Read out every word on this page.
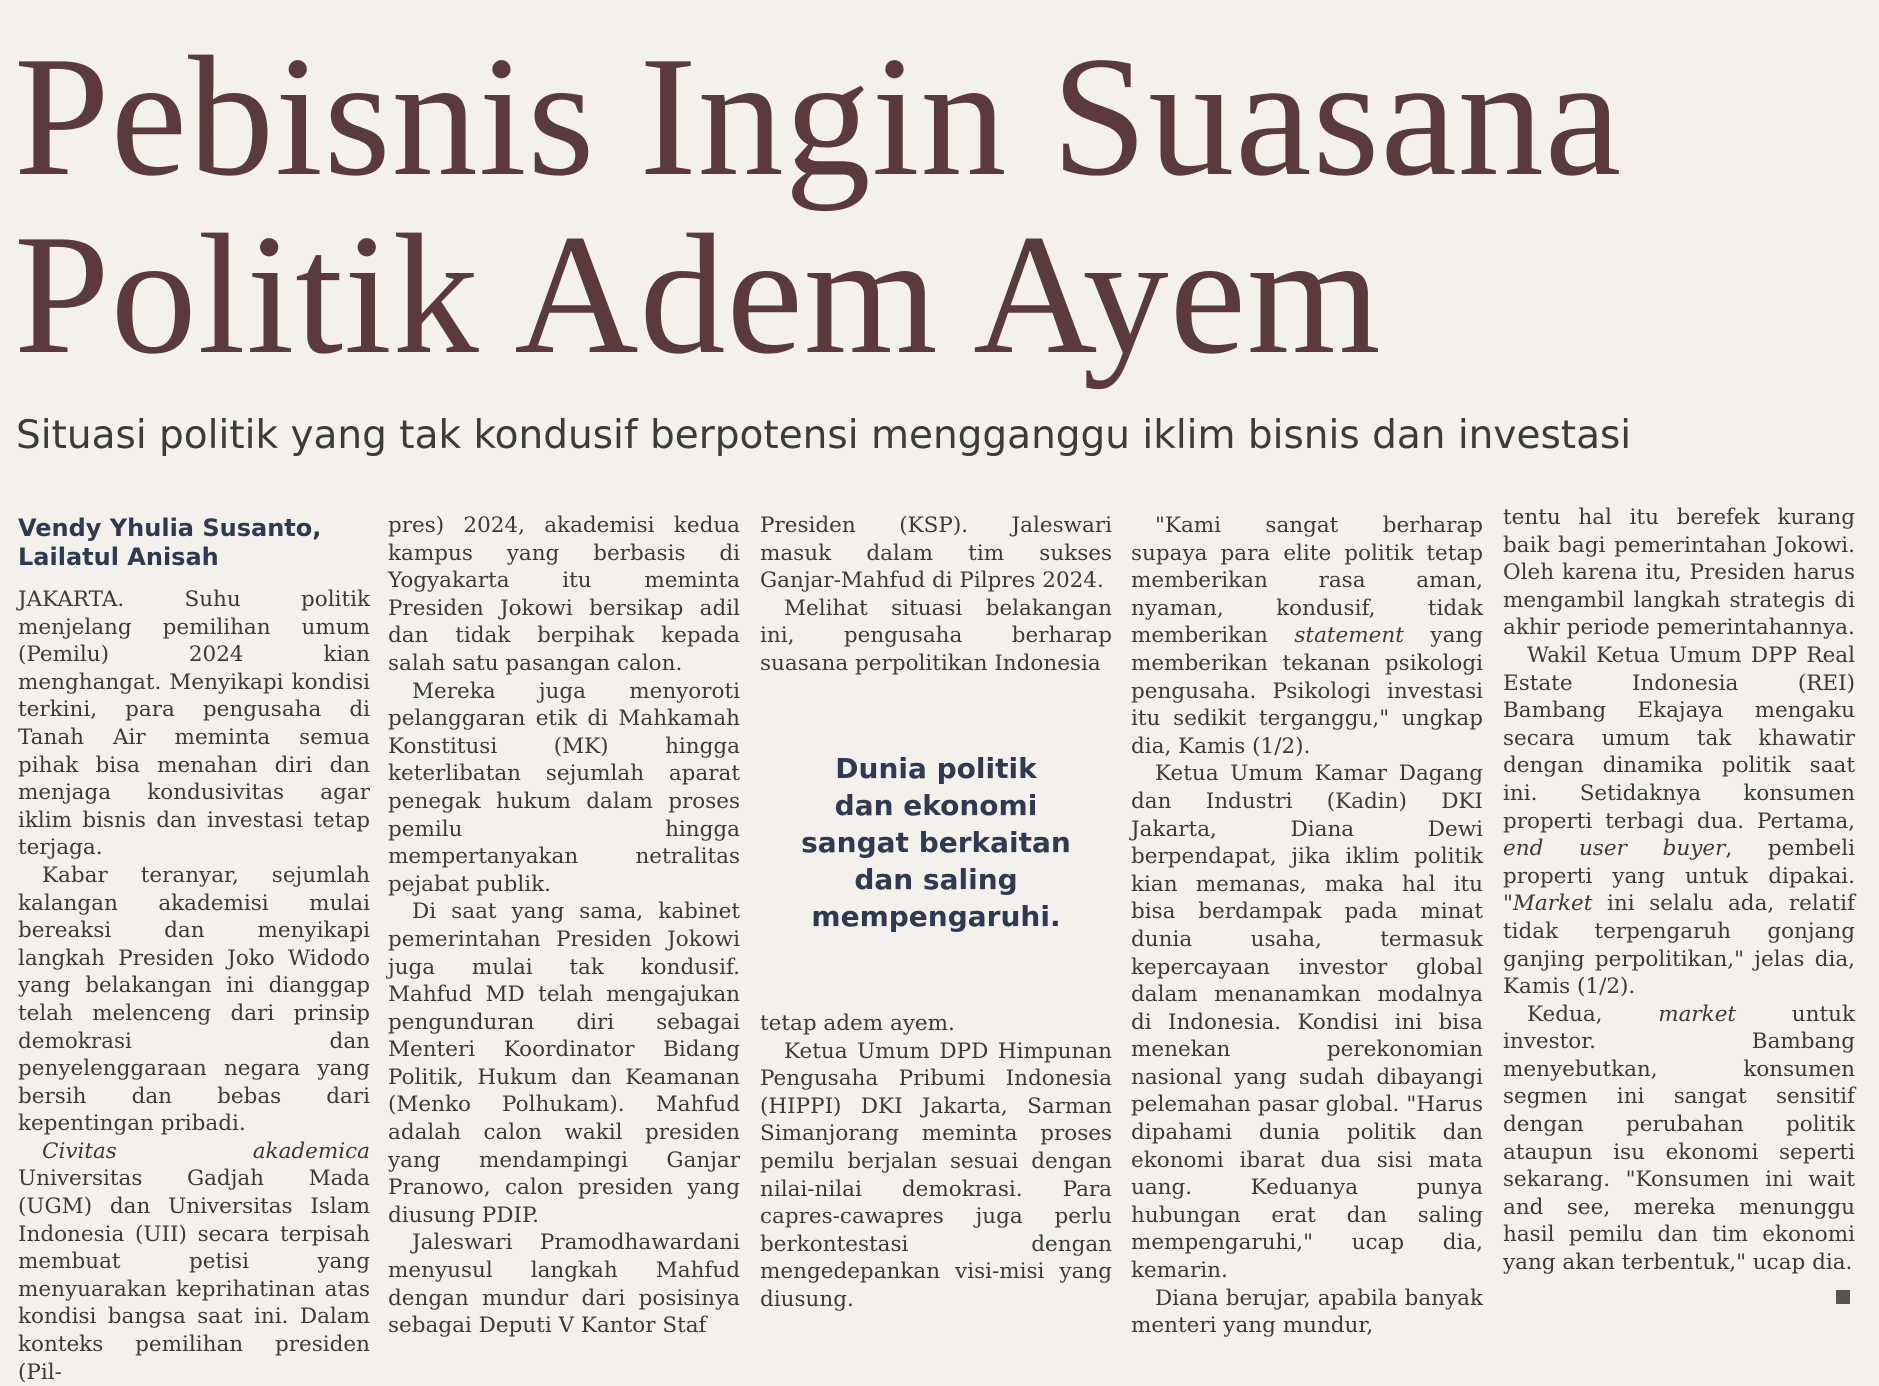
Pebisnis Ingin Suasana
Politik Adem Ayem

Situasi politik yang tak kondusif berpotensi mengganggu iklim bisnis dan investasi

Vendy Yhulia Susanto,
Lailatul Anisah

JAKARTA. Suhu politik menjelang pemilihan umum (Pemilu) 2024 kian menghangat. Menyikapi kondisi terkini, para pengusaha di Tanah Air meminta semua pihak bisa menahan diri dan menjaga kondusivitas agar iklim bisnis dan investasi tetap terjaga.

Kabar teranyar, sejumlah kalangan akademisi mulai bereaksi dan menyikapi langkah Presiden Joko Widodo yang belakangan ini dianggap telah melenceng dari prinsip demokrasi dan penyelenggaraan negara yang bersih dan bebas dari kepentingan pribadi.

Civitas akademica Universitas Gadjah Mada (UGM) dan Universitas Islam Indonesia (UII) secara terpisah membuat petisi yang menyuarakan keprihatinan atas kondisi bangsa saat ini. Dalam konteks pemilihan presiden (Pil-

pres) 2024, akademisi kedua kampus yang berbasis di Yogyakarta itu meminta Presiden Jokowi bersikap adil dan tidak berpihak kepada salah satu pasangan calon.

Mereka juga menyoroti pelanggaran etik di Mahkamah Konstitusi (MK) hingga keterlibatan sejumlah aparat penegak hukum dalam proses pemilu hingga mempertanyakan netralitas pejabat publik.

Di saat yang sama, kabinet pemerintahan Presiden Jokowi juga mulai tak kondusif. Mahfud MD telah mengajukan pengunduran diri sebagai Menteri Koordinator Bidang Politik, Hukum dan Keamanan (Menko Polhukam). Mahfud adalah calon wakil presiden yang mendampingi Ganjar Pranowo, calon presiden yang diusung PDIP.

Jaleswari Pramodhawardani menyusul langkah Mahfud dengan mundur dari posisinya sebagai Deputi V Kantor Staf

Presiden (KSP). Jaleswari masuk dalam tim sukses Ganjar-Mahfud di Pilpres 2024.

Melihat situasi belakangan ini, pengusaha berharap suasana perpolitikan Indonesia

Dunia politik
dan ekonomi
sangat berkaitan
dan saling
mempengaruhi.

tetap adem ayem.

Ketua Umum DPD Himpunan Pengusaha Pribumi Indonesia (HIPPI) DKI Jakarta, Sarman Simanjorang meminta proses pemilu berjalan sesuai dengan nilai-nilai demokrasi. Para capres-cawapres juga perlu berkontestasi dengan mengedepankan visi-misi yang diusung.

"Kami sangat berharap supaya para elite politik tetap memberikan rasa aman, nyaman, kondusif, tidak memberikan statement yang memberikan tekanan psikologi pengusaha. Psikologi investasi itu sedikit terganggu," ungkap dia, Kamis (1/2).

Ketua Umum Kamar Dagang dan Industri (Kadin) DKI Jakarta, Diana Dewi berpendapat, jika iklim politik kian memanas, maka hal itu bisa berdampak pada minat dunia usaha, termasuk kepercayaan investor global dalam menanamkan modalnya di Indonesia. Kondisi ini bisa menekan perekonomian nasional yang sudah dibayangi pelemahan pasar global. "Harus dipahami dunia politik dan ekonomi ibarat dua sisi mata uang. Keduanya punya hubungan erat dan saling mempengaruhi," ucap dia, kemarin.

Diana berujar, apabila banyak menteri yang mundur,

tentu hal itu berefek kurang baik bagi pemerintahan Jokowi. Oleh karena itu, Presiden harus mengambil langkah strategis di akhir periode pemerintahannya.

Wakil Ketua Umum DPP Real Estate Indonesia (REI) Bambang Ekajaya mengaku secara umum tak khawatir dengan dinamika politik saat ini. Setidaknya konsumen properti terbagi dua. Pertama, end user buyer, pembeli properti yang untuk dipakai. "Market ini selalu ada, relatif tidak terpengaruh gonjang ganjing perpolitikan," jelas dia, Kamis (1/2).

Kedua, market untuk investor. Bambang menyebutkan, konsumen segmen ini sangat sensitif dengan perubahan politik ataupun isu ekonomi seperti sekarang. "Konsumen ini wait and see, mereka menunggu hasil pemilu dan tim ekonomi yang akan terbentuk," ucap dia.
